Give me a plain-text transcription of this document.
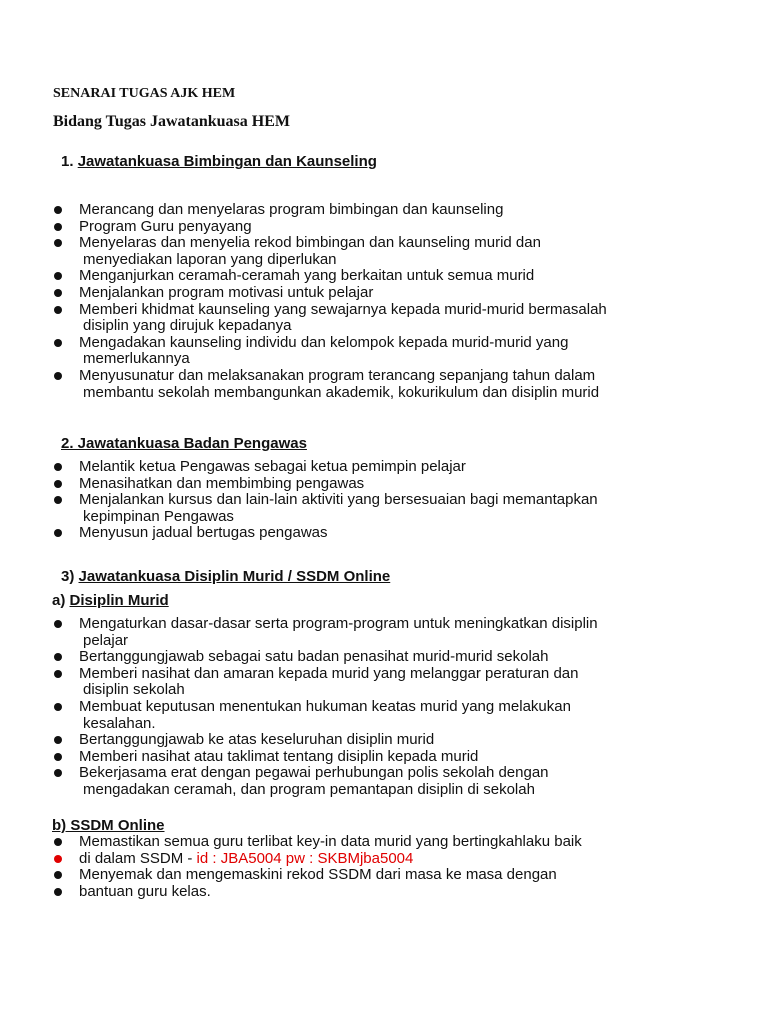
SENARAI TUGAS AJK HEM
Bidang Tugas Jawatankuasa HEM
1. Jawatankuasa Bimbingan dan Kaunseling
Merancang dan menyelaras program bimbingan dan kaunseling
Program Guru penyayang
Menyelaras dan menyelia rekod bimbingan dan kaunseling murid dan
menyediakan laporan yang diperlukan
Menganjurkan ceramah-ceramah yang berkaitan untuk semua murid
Menjalankan program motivasi untuk pelajar
Memberi khidmat kaunseling yang sewajarnya kepada murid-murid bermasalah
disiplin yang dirujuk kepadanya
Mengadakan kaunseling individu dan kelompok kepada murid-murid yang
memerlukannya
Menyusunatur dan melaksanakan program terancang sepanjang tahun dalam
membantu sekolah membangunkan akademik, kokurikulum dan disiplin murid
2. Jawatankuasa Badan Pengawas
Melantik ketua Pengawas sebagai ketua pemimpin pelajar
Menasihatkan dan membimbing pengawas
Menjalankan kursus dan lain-lain aktiviti yang bersesuaian bagi memantapkan
kepimpinan Pengawas
Menyusun jadual bertugas pengawas
3) Jawatankuasa Disiplin Murid / SSDM Online
a) Disiplin Murid
Mengaturkan dasar-dasar serta program-program untuk meningkatkan disiplin
pelajar
Bertanggungjawab sebagai satu badan penasihat murid-murid sekolah
Memberi nasihat dan amaran kepada murid yang melanggar peraturan dan
disiplin sekolah
Membuat keputusan menentukan hukuman keatas murid yang melakukan
kesalahan.
Bertanggungjawab ke atas keseluruhan disiplin murid
Memberi nasihat atau taklimat tentang disiplin kepada murid
Bekerjasama erat dengan pegawai perhubungan polis sekolah dengan
mengadakan ceramah, dan program pemantapan disiplin di sekolah
b) SSDM Online
Memastikan semua guru terlibat key-in data murid yang bertingkahlaku baik
di dalam SSDM - id : JBA5004 pw : SKBMjba5004
Menyemak dan mengemaskini rekod SSDM dari masa ke masa dengan
bantuan guru kelas.
